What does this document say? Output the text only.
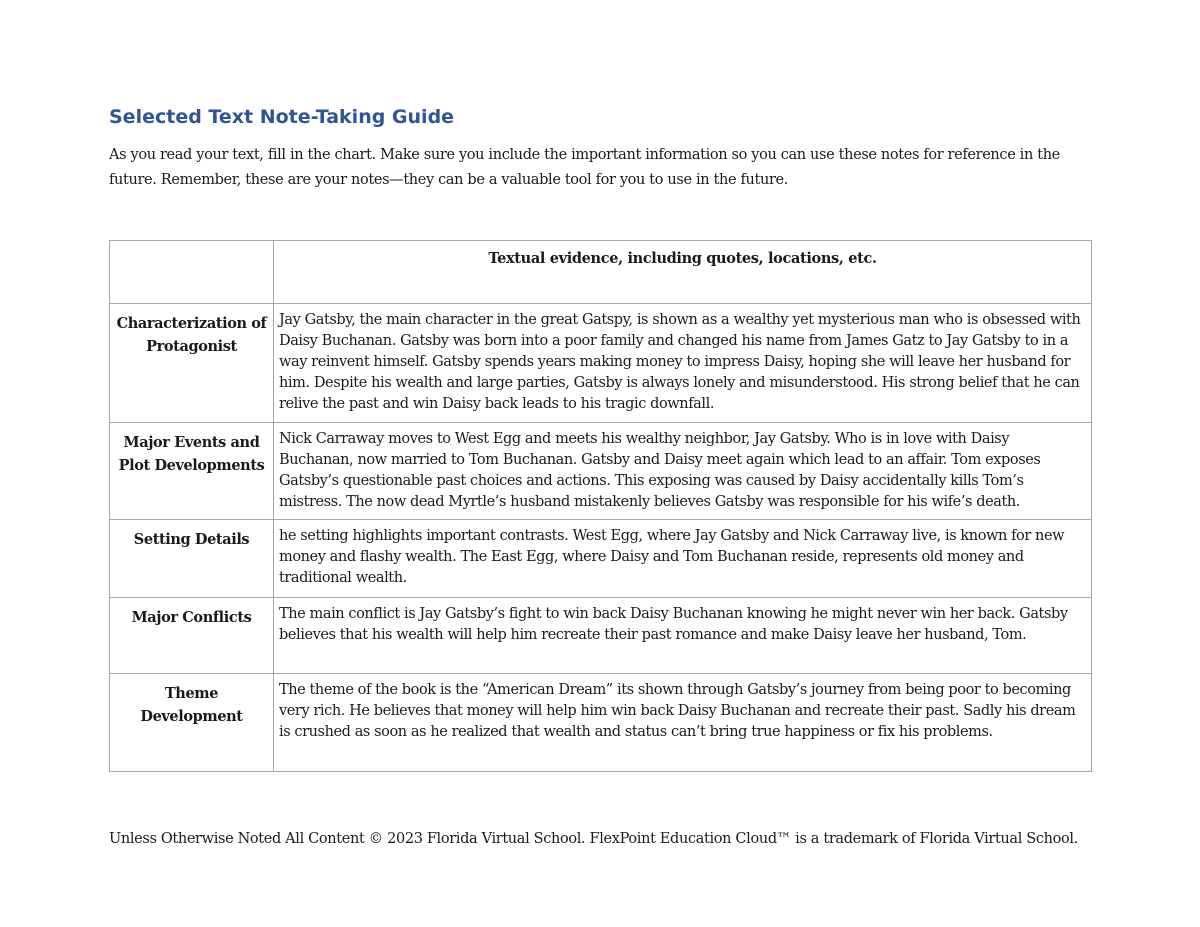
Selected Text Note-Taking Guide

As you read your text, fill in the chart. Make sure you include the important information so you can use these notes for reference in the future. Remember, these are your notes—they can be a valuable tool for you to use in the future.

	Textual evidence, including quotes, locations, etc.
Characterization of Protagonist	Jay Gatsby, the main character in the great Gatspy, is shown as a wealthy yet mysterious man who is obsessed with Daisy Buchanan. Gatsby was born into a poor family and changed his name from James Gatz to Jay Gatsby to in a way reinvent himself. Gatsby spends years making money to impress Daisy, hoping she will leave her husband for him. Despite his wealth and large parties, Gatsby is always lonely and misunderstood. His strong belief that he can relive the past and win Daisy back leads to his tragic downfall.
Major Events and Plot Developments	Nick Carraway moves to West Egg and meets his wealthy neighbor, Jay Gatsby. Who is in love with Daisy Buchanan, now married to Tom Buchanan. Gatsby and Daisy meet again which lead to an affair. Tom exposes Gatsby’s questionable past choices and actions. This exposing was caused by Daisy accidentally kills Tom’s mistress. The now dead Myrtle’s husband mistakenly believes Gatsby was responsible for his wife’s death.
Setting Details	he setting highlights important contrasts. West Egg, where Jay Gatsby and Nick Carraway live, is known for new money and flashy wealth. The East Egg, where Daisy and Tom Buchanan reside, represents old money and traditional wealth.
Major Conflicts	The main conflict is Jay Gatsby’s fight to win back Daisy Buchanan knowing he might never win her back. Gatsby believes that his wealth will help him recreate their past romance and make Daisy leave her husband, Tom.
Theme Development	The theme of the book is the “American Dream” its shown through Gatsby’s journey from being poor to becoming very rich. He believes that money will help him win back Daisy Buchanan and recreate their past. Sadly his dream is crushed as soon as he realized that wealth and status can’t bring true happiness or fix his problems.

Unless Otherwise Noted All Content © 2023 Florida Virtual School. FlexPoint Education Cloud™ is a trademark of Florida Virtual School.
